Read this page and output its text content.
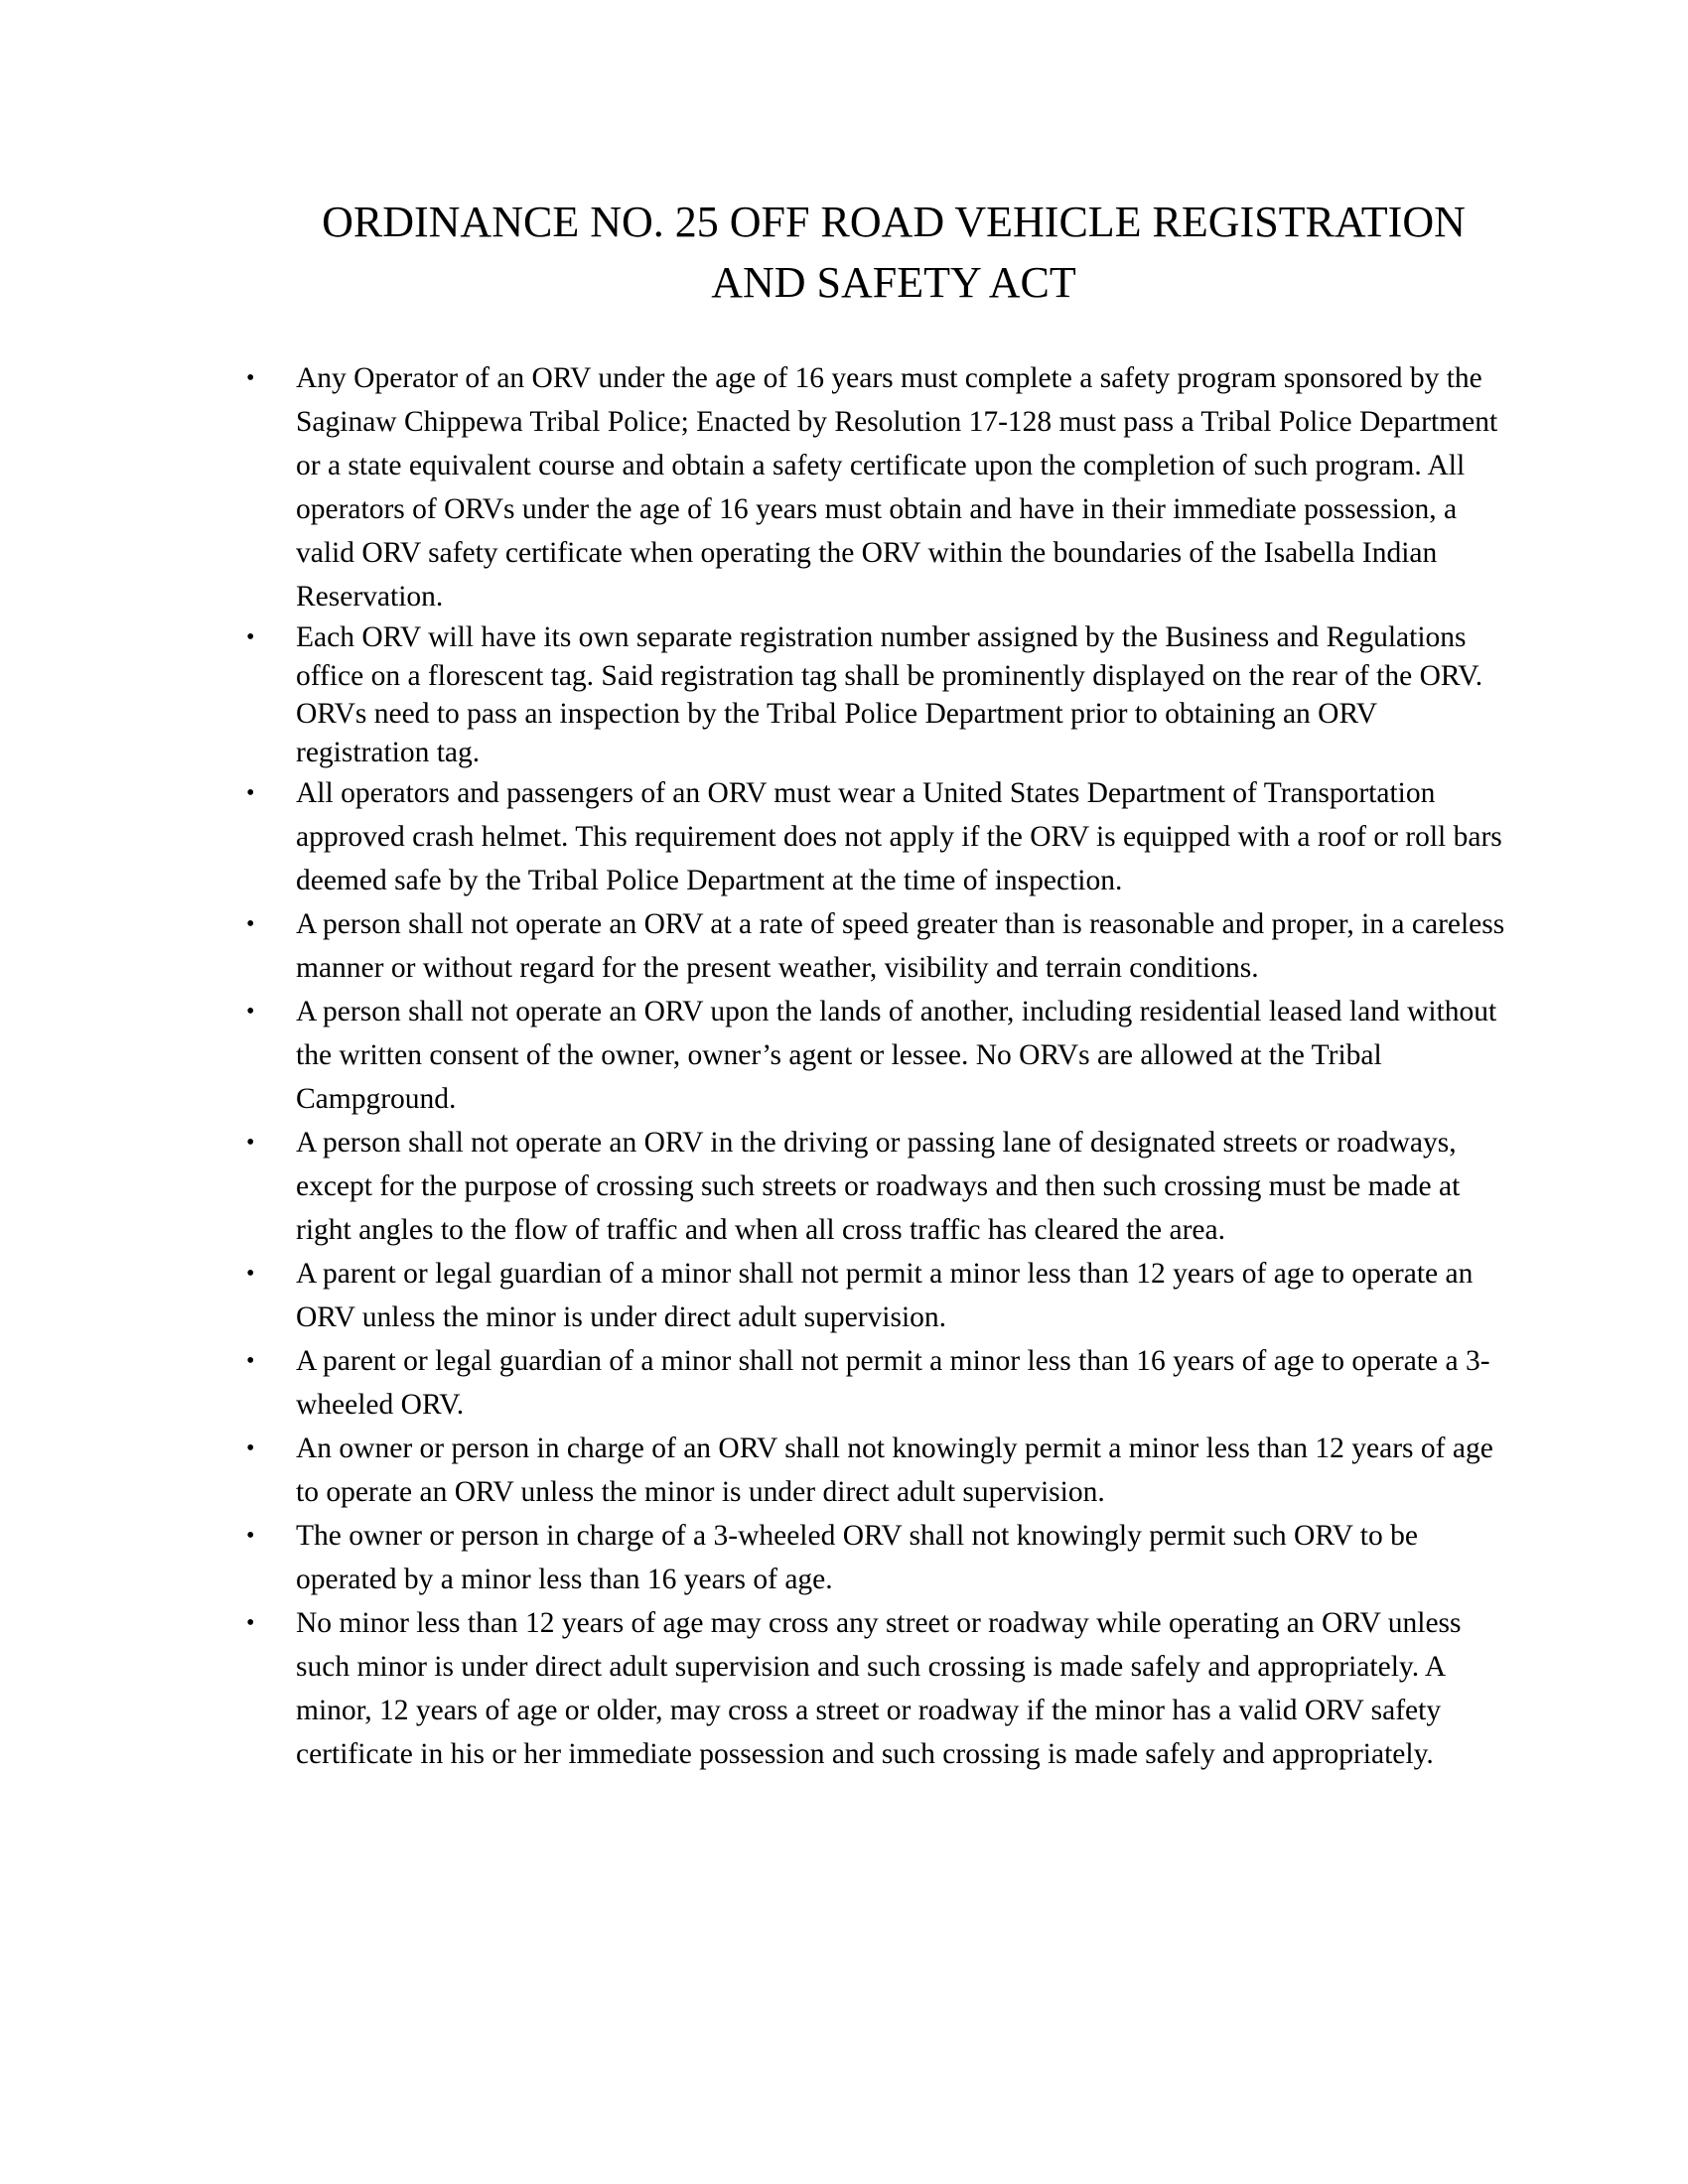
ORDINANCE NO. 25 OFF ROAD VEHICLE REGISTRATION
AND SAFETY ACT
• Any Operator of an ORV under the age of 16 years must complete a safety program sponsored by the Saginaw Chippewa Tribal Police; Enacted by Resolution 17-128 must pass a Tribal Police Department or a state equivalent course and obtain a safety certificate upon the completion of such program. All operators of ORVs under the age of 16 years must obtain and have in their immediate possession, a valid ORV safety certificate when operating the ORV within the boundaries of the Isabella Indian Reservation.
• Each ORV will have its own separate registration number assigned by the Business and Regulations office on a florescent tag. Said registration tag shall be prominently displayed on the rear of the ORV. ORVs need to pass an inspection by the Tribal Police Department prior to obtaining an ORV registration tag.
• All operators and passengers of an ORV must wear a United States Department of Transportation approved crash helmet. This requirement does not apply if the ORV is equipped with a roof or roll bars deemed safe by the Tribal Police Department at the time of inspection.
• A person shall not operate an ORV at a rate of speed greater than is reasonable and proper, in a careless manner or without regard for the present weather, visibility and terrain conditions.
• A person shall not operate an ORV upon the lands of another, including residential leased land without the written consent of the owner, owner’s agent or lessee. No ORVs are allowed at the Tribal Campground.
• A person shall not operate an ORV in the driving or passing lane of designated streets or roadways, except for the purpose of crossing such streets or roadways and then such crossing must be made at right angles to the flow of traffic and when all cross traffic has cleared the area.
• A parent or legal guardian of a minor shall not permit a minor less than 12 years of age to operate an ORV unless the minor is under direct adult supervision.
• A parent or legal guardian of a minor shall not permit a minor less than 16 years of age to operate a 3-wheeled ORV.
• An owner or person in charge of an ORV shall not knowingly permit a minor less than 12 years of age to operate an ORV unless the minor is under direct adult supervision.
• The owner or person in charge of a 3-wheeled ORV shall not knowingly permit such ORV to be operated by a minor less than 16 years of age.
• No minor less than 12 years of age may cross any street or roadway while operating an ORV unless such minor is under direct adult supervision and such crossing is made safely and appropriately. A minor, 12 years of age or older, may cross a street or roadway if the minor has a valid ORV safety certificate in his or her immediate possession and such crossing is made safely and appropriately.
